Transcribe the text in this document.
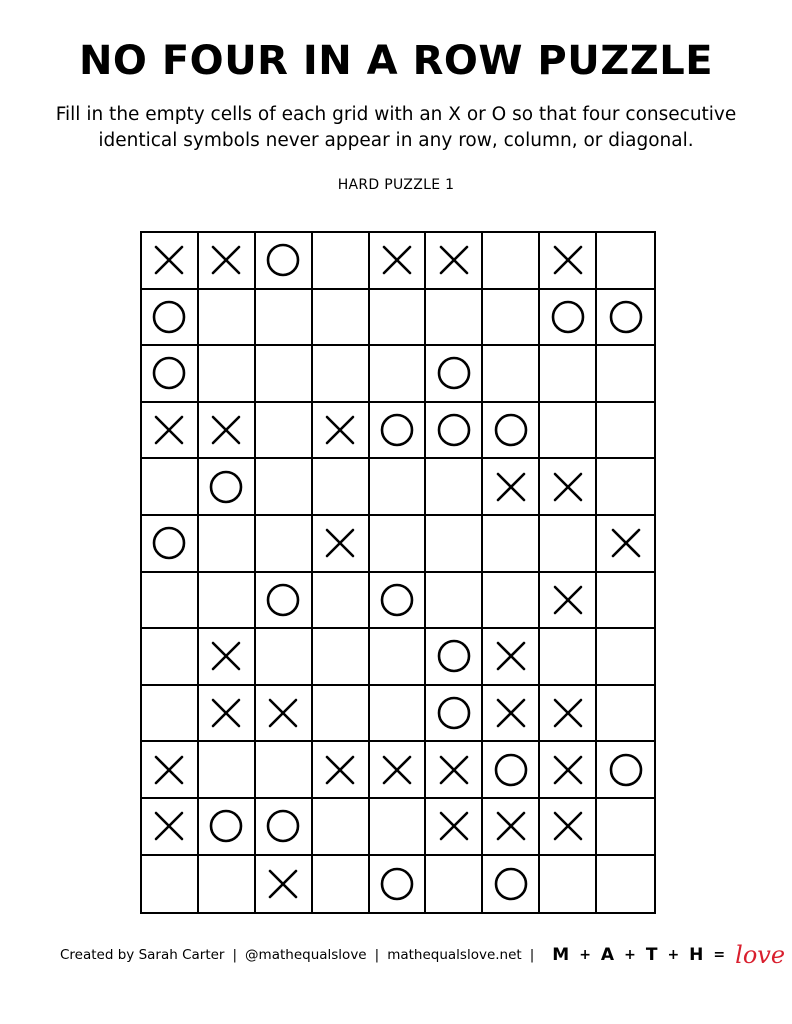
NO FOUR IN A ROW PUZZLE

Fill in the empty cells of each grid with an X or O so that four consecutive identical symbols never appear in any row, column, or diagonal.

HARD PUZZLE 1

Created by Sarah Carter | @mathequalslove | mathequalslove.net | M + A + T + H = love
